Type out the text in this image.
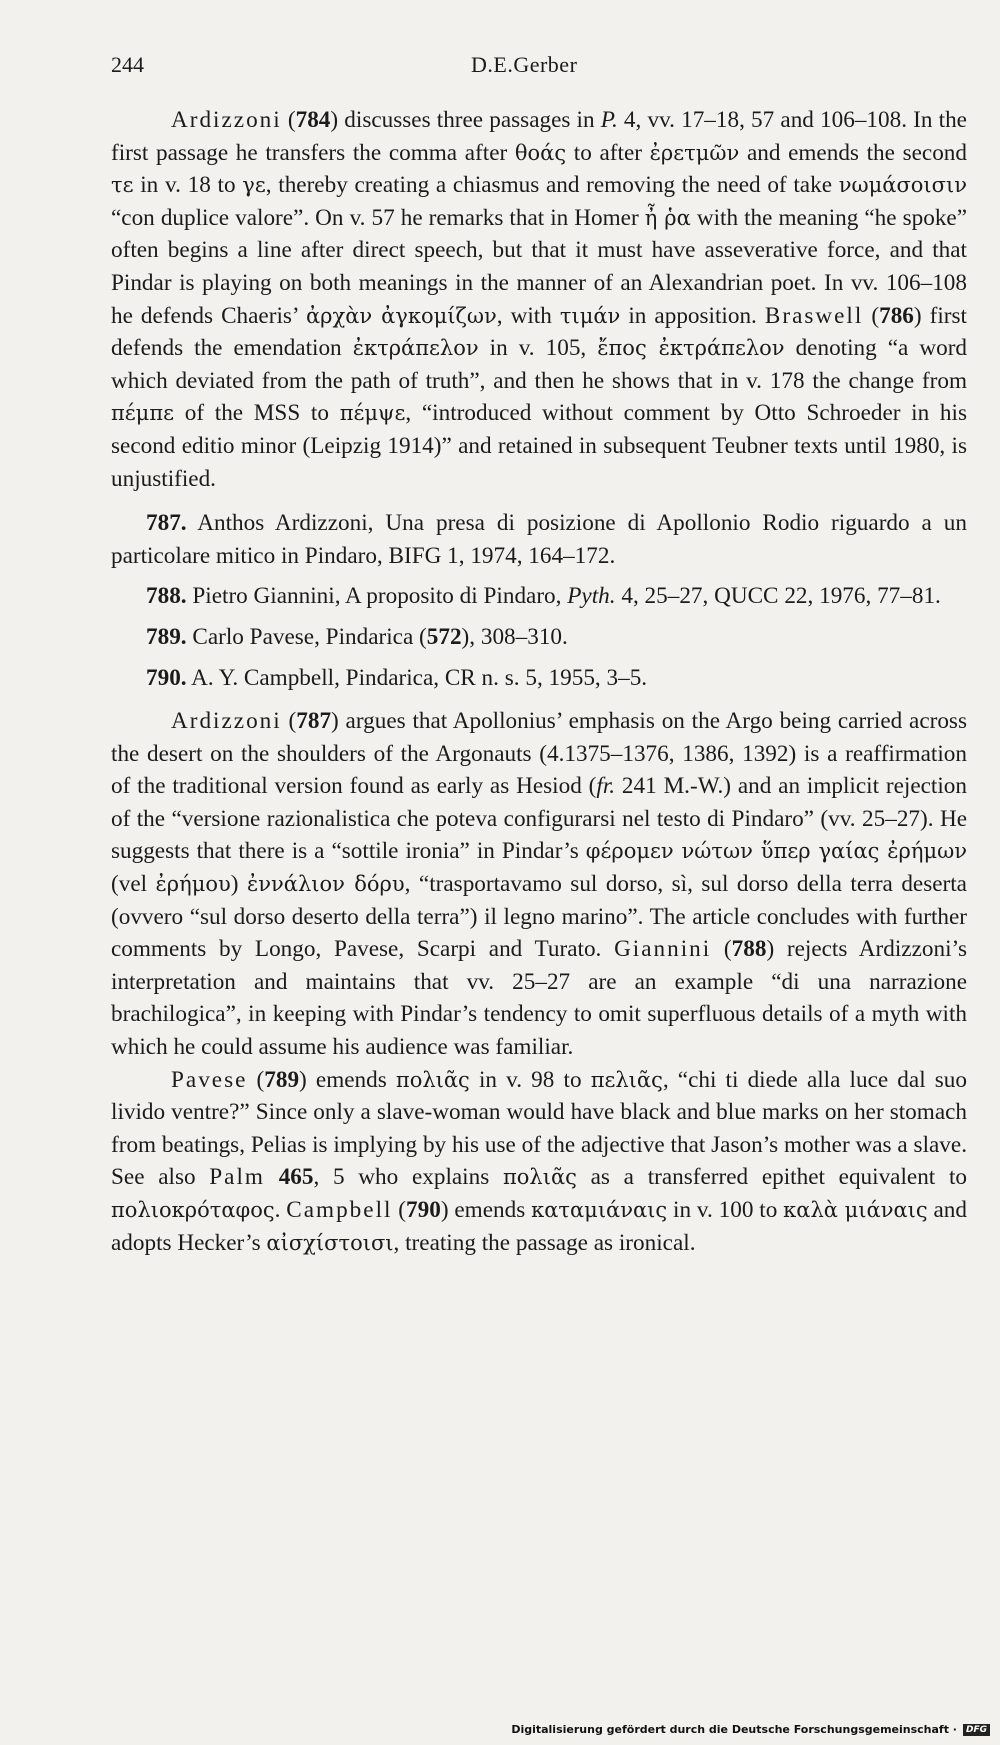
244	D.E.Gerber

Ardizzoni (784) discusses three passages in P. 4, vv. 17–18, 57 and 106–108. In the first passage he transfers the comma after θοάς to after ἐρετμῶν and emends the second τε in v. 18 to γε, thereby creating a chiasmus and removing the need of take νωμάσοισιν “con duplice valore”. On v. 57 he remarks that in Homer ἦ ῥα with the meaning “he spoke” often begins a line after direct speech, but that it must have asseverative force, and that Pindar is playing on both meanings in the manner of an Alexandrian poet. In vv. 106–108 he defends Chaeris’ ἀρχὰν ἀγκομίζων, with τιμάν in apposition. Braswell (786) first defends the emendation ἐκτράπελον in v. 105, ἔπος ἐκτράπελον denoting “a word which deviated from the path of truth”, and then he shows that in v. 178 the change from πέμπε of the MSS to πέμψε, “introduced without comment by Otto Schroeder in his second editio minor (Leipzig 1914)” and retained in subsequent Teubner texts until 1980, is unjustified.

787. Anthos Ardizzoni, Una presa di posizione di Apollonio Rodio riguardo a un particolare mitico in Pindaro, BIFG 1, 1974, 164–172.

788. Pietro Giannini, A proposito di Pindaro, Pyth. 4, 25–27, QUCC 22, 1976, 77–81.

789. Carlo Pavese, Pindarica (572), 308–310.

790. A. Y. Campbell, Pindarica, CR n. s. 5, 1955, 3–5.

Ardizzoni (787) argues that Apollonius’ emphasis on the Argo being carried across the desert on the shoulders of the Argonauts (4.1375–1376, 1386, 1392) is a reaffirmation of the traditional version found as early as Hesiod (fr. 241 M.-W.) and an implicit rejection of the “versione razionalistica che poteva configurarsi nel testo di Pindaro” (vv. 25–27). He suggests that there is a “sottile ironia” in Pindar’s φέρομεν νώτων ὕπερ γαίας ἐρήμων (vel ἐρήμου) ἐννάλιον δόρυ, “trasportavamo sul dorso, sì, sul dorso della terra deserta (ovvero “sul dorso deserto della terra”) il legno marino”. The article concludes with further comments by Longo, Pavese, Scarpi and Turato. Giannini (788) rejects Ardizzoni’s interpretation and maintains that vv. 25–27 are an example “di una narrazione brachilogica”, in keeping with Pindar’s tendency to omit superfluous details of a myth with which he could assume his audience was familiar.

Pavese (789) emends πολιᾶς in v. 98 to πελιᾶς, “chi ti diede alla luce dal suo livido ventre?” Since only a slave-woman would have black and blue marks on her stomach from beatings, Pelias is implying by his use of the adjective that Jason’s mother was a slave. See also Palm 465, 5 who explains πολιᾶς as a transferred epithet equivalent to πολιοκρόταφος. Campbell (790) emends καταμιάναις in v. 100 to καλὰ μιάναις and adopts Hecker’s αἰσχίστοισι, treating the passage as ironical.

Digitalisierung gefördert durch die Deutsche Forschungsgemeinschaft · DFG
